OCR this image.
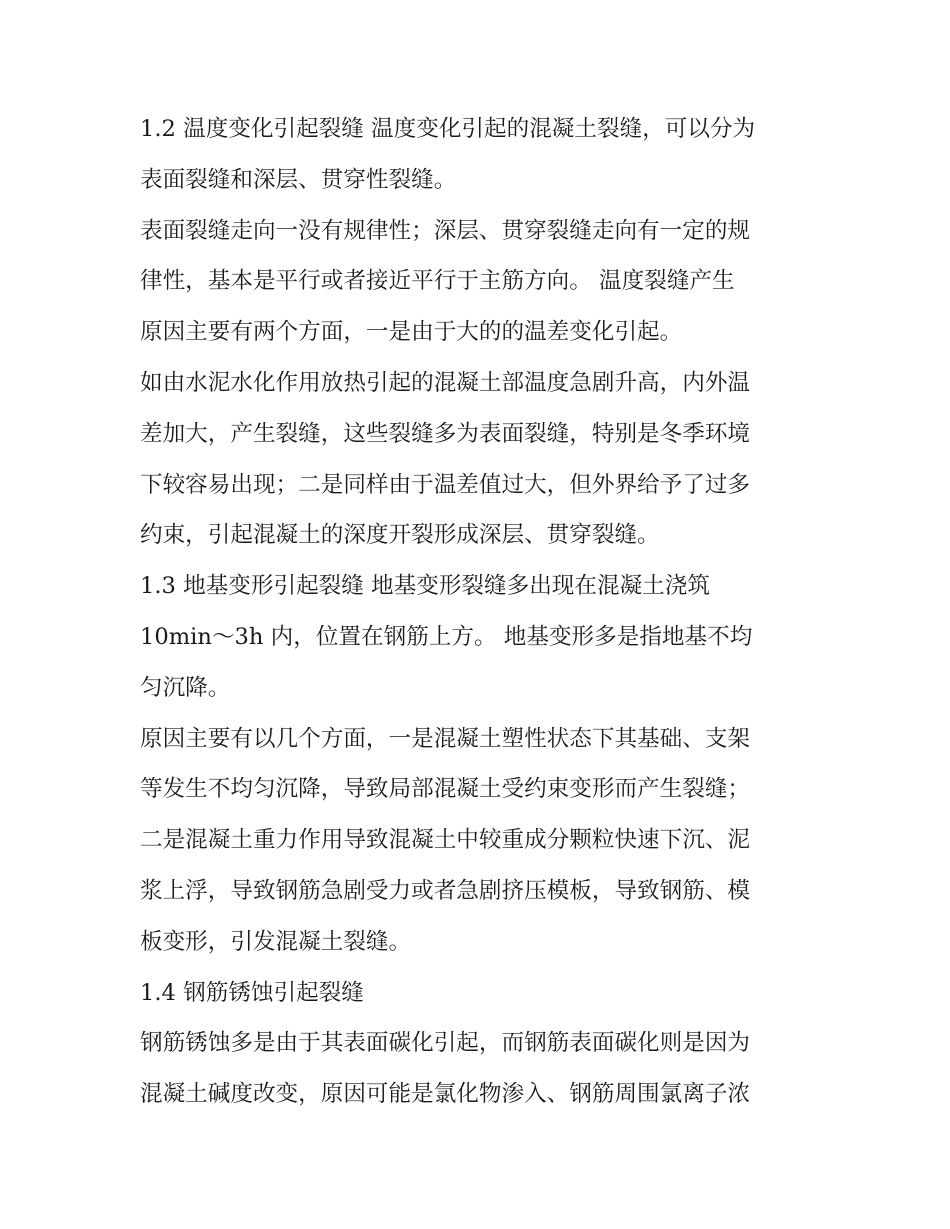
1.2 温度变化引起裂缝 温度变化引起的混凝土裂缝，可以分为
表面裂缝和深层、贯穿性裂缝。
表面裂缝走向一没有规律性；深层、贯穿裂缝走向有一定的规
律性，基本是平行或者接近平行于主筋方向。 温度裂缝产生
原因主要有两个方面，一是由于大的的温差变化引起。
如由水泥水化作用放热引起的混凝土部温度急剧升高，内外温
差加大，产生裂缝，这些裂缝多为表面裂缝，特别是冬季环境
下较容易出现；二是同样由于温差值过大，但外界给予了过多
约束，引起混凝土的深度开裂形成深层、贯穿裂缝。
1.3 地基变形引起裂缝 地基变形裂缝多出现在混凝土浇筑
10min～3h 内，位置在钢筋上方。 地基变形多是指地基不均
匀沉降。
原因主要有以几个方面，一是混凝土塑性状态下其基础、支架
等发生不均匀沉降，导致局部混凝土受约束变形而产生裂缝；
二是混凝土重力作用导致混凝土中较重成分颗粒快速下沉、泥
浆上浮，导致钢筋急剧受力或者急剧挤压模板，导致钢筋、模
板变形，引发混凝土裂缝。
1.4 钢筋锈蚀引起裂缝
钢筋锈蚀多是由于其表面碳化引起，而钢筋表面碳化则是因为
混凝土碱度改变，原因可能是氯化物渗入、钢筋周围氯离子浓
